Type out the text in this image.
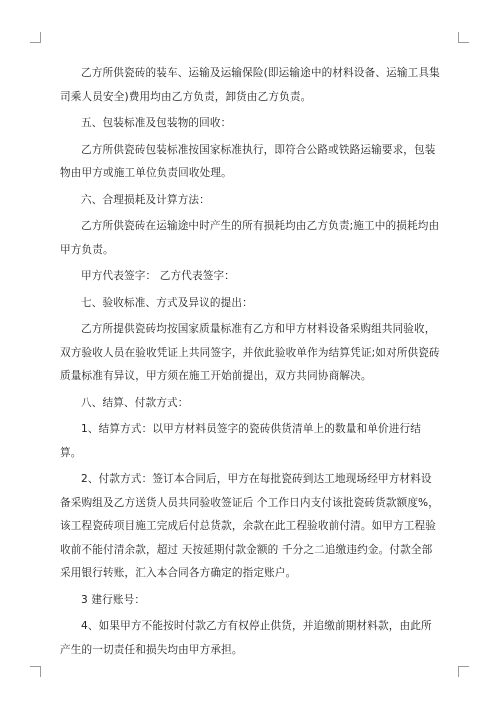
乙方所供瓷砖的装车、运输及运输保险(即运输途中的材料设备、运输工具集司乘人员安全)费用均由乙方负责，卸货由乙方负责。

五、包装标准及包装物的回收：

乙方所供瓷砖包装标准按国家标准执行，即符合公路或铁路运输要求，包装物由甲方或施工单位负责回收处理。

六、合理损耗及计算方法：

乙方所供瓷砖在运输途中时产生的所有损耗均由乙方负责;施工中的损耗均由甲方负责。

甲方代表签字： 乙方代表签字：

七、验收标准、方式及异议的提出：

乙方所提供瓷砖均按国家质量标准有乙方和甲方材料设备采购组共同验收，双方验收人员在验收凭证上共同签字，并依此验收单作为结算凭证;如对所供瓷砖质量标准有异议，甲方须在施工开始前提出，双方共同协商解决。

八、结算、付款方式：

1、结算方式：以甲方材料员签字的瓷砖供货清单上的数量和单价进行结算。

2、付款方式：签订本合同后，甲方在每批瓷砖到达工地现场经甲方材料设备采购组及乙方送货人员共同验收签证后 个工作日内支付该批瓷砖货款额度%，该工程瓷砖项目施工完成后付总货款，余款在此工程验收前付清。如甲方工程验收前不能付清余款，超过 天按延期付款金额的 千分之二追缴违约金。付款全部采用银行转账，汇入本合同各方确定的指定账户。

3 建行账号：

4、如果甲方不能按时付款乙方有权停止供货，并追缴前期材料款，由此所产生的一切责任和损失均由甲方承担。
